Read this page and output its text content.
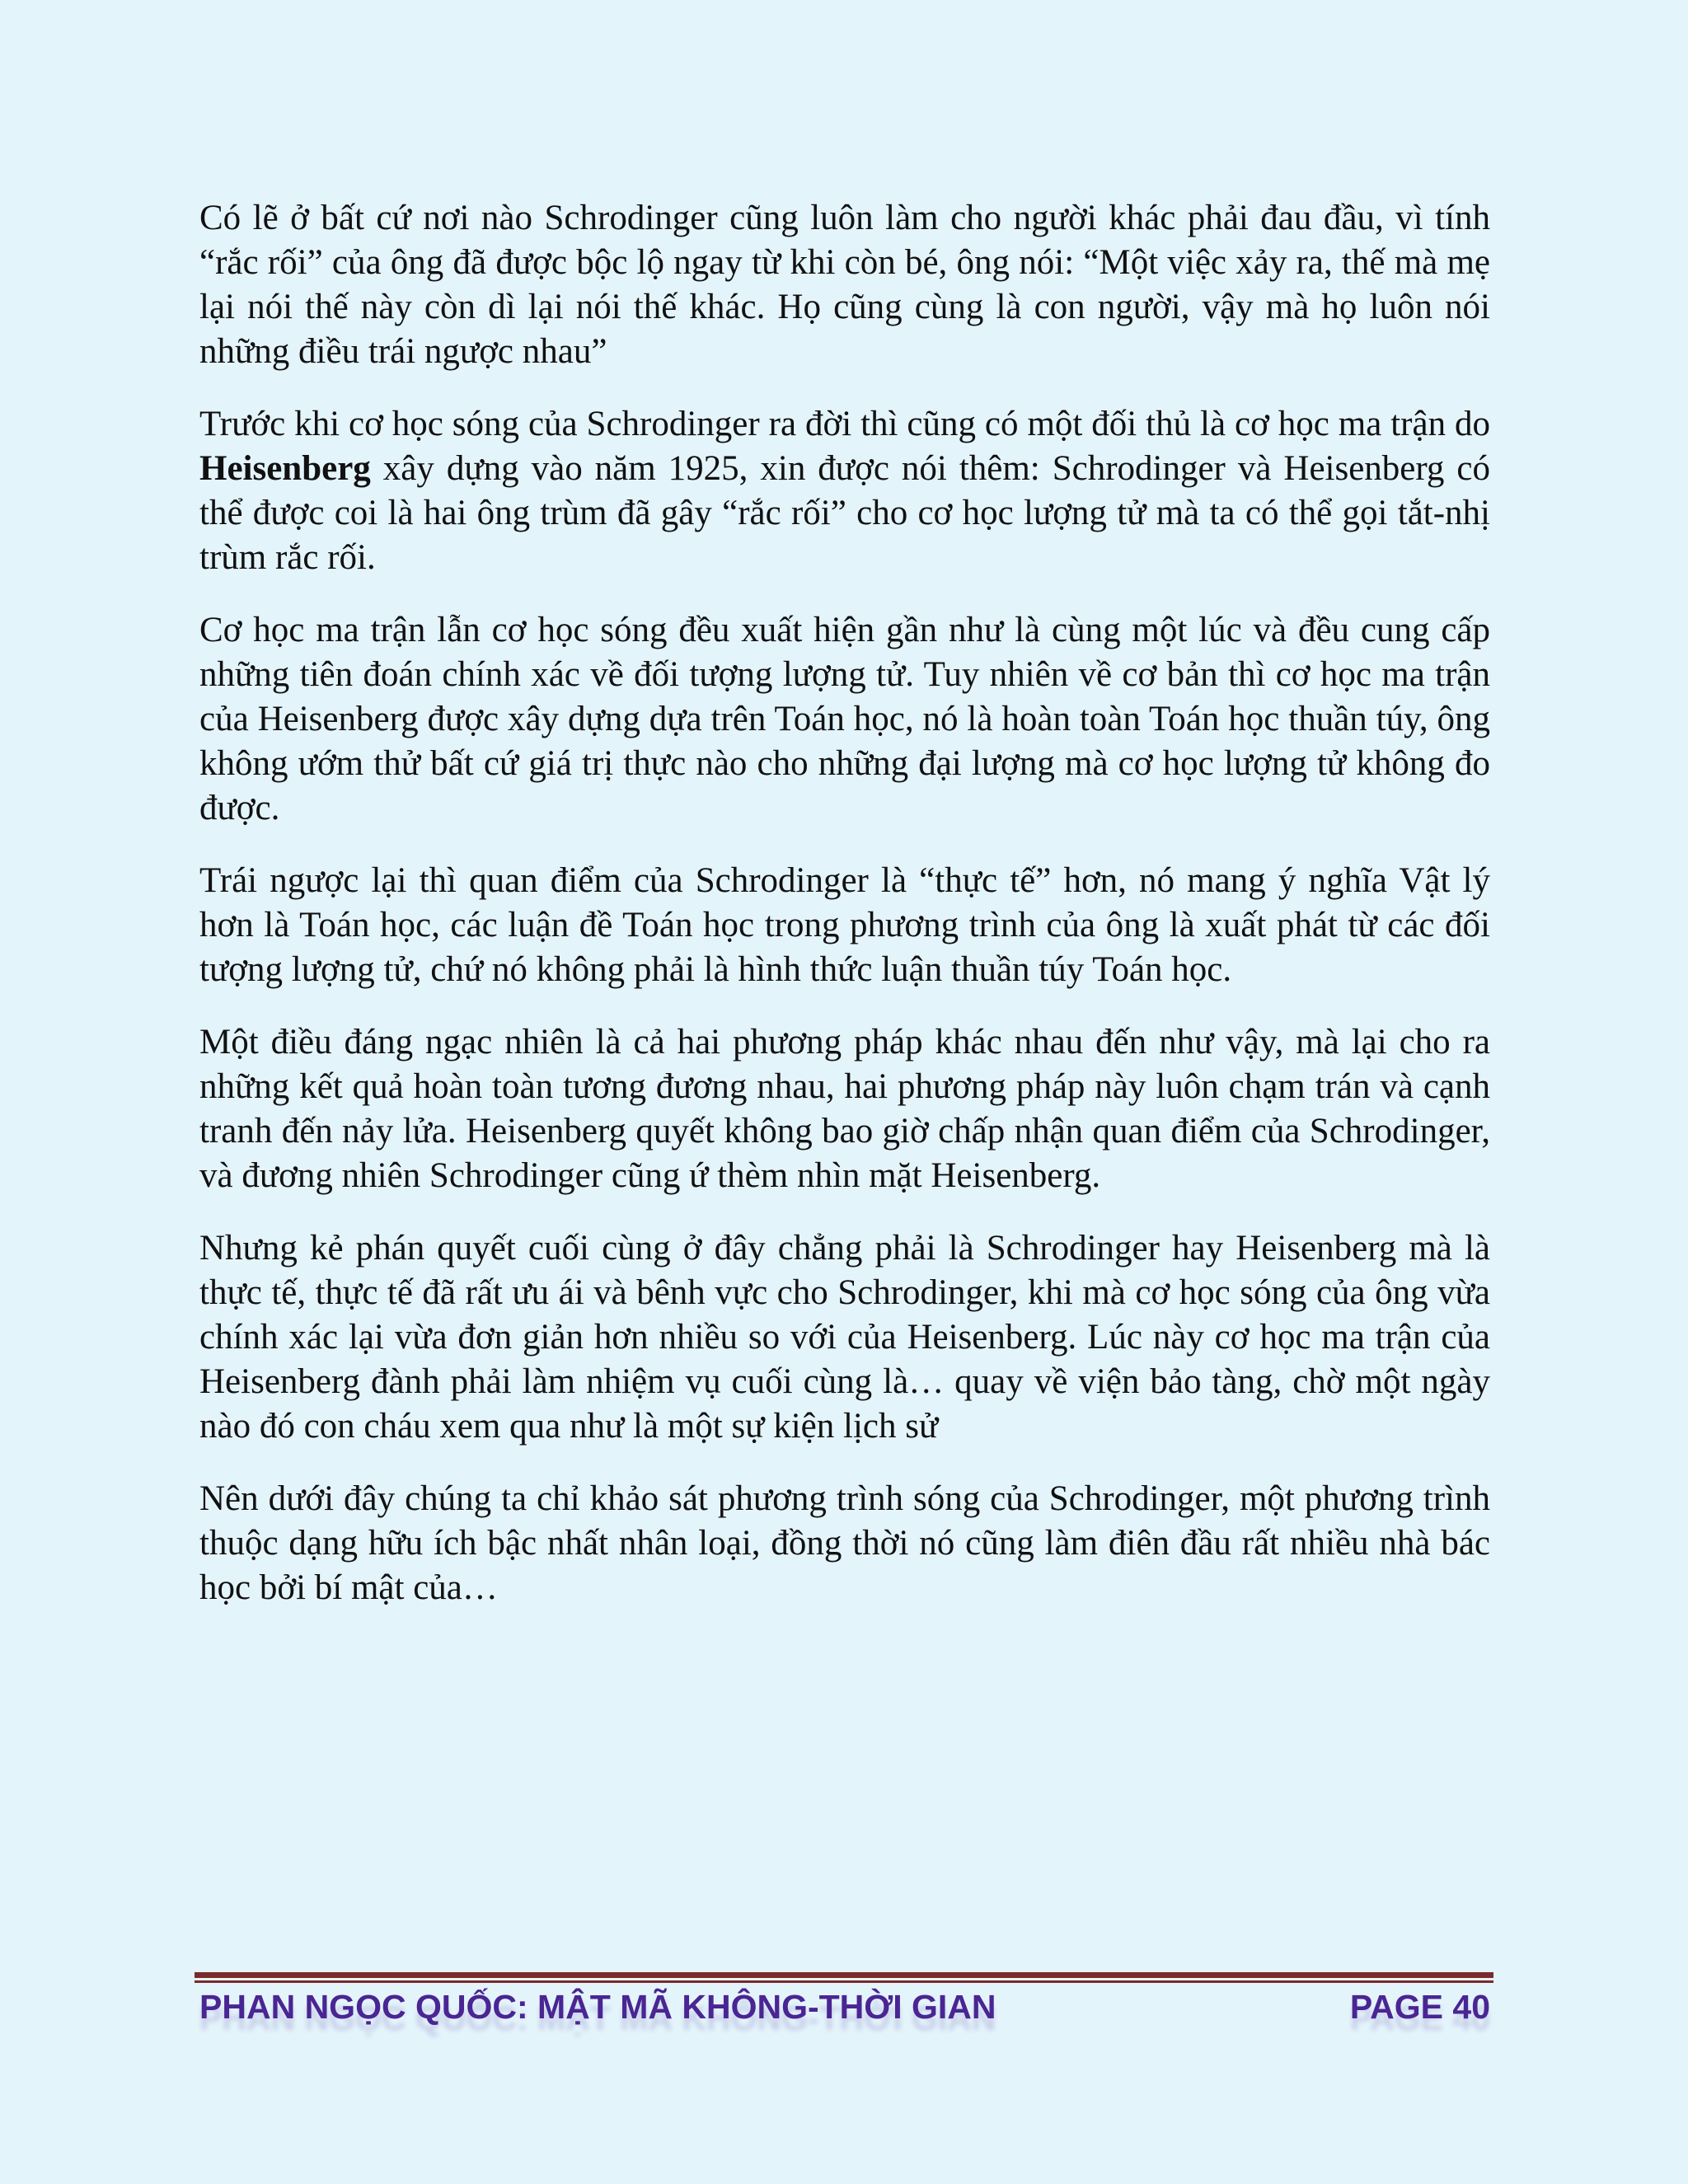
Có lẽ ở bất cứ nơi nào Schrodinger cũng luôn làm cho người khác phải đau đầu, vì tính “rắc rối” của ông đã được bộc lộ ngay từ khi còn bé, ông nói: “Một việc xảy ra, thế mà mẹ lại nói thế này còn dì lại nói thế khác. Họ cũng cùng là con người, vậy mà họ luôn nói những điều trái ngược nhau”

Trước khi cơ học sóng của Schrodinger ra đời thì cũng có một đối thủ là cơ học ma trận do Heisenberg xây dựng vào năm 1925, xin được nói thêm: Schrodinger và Heisenberg có thể được coi là hai ông trùm đã gây “rắc rối” cho cơ học lượng tử mà ta có thể gọi tắt-nhị trùm rắc rối.

Cơ học ma trận lẫn cơ học sóng đều xuất hiện gần như là cùng một lúc và đều cung cấp những tiên đoán chính xác về đối tượng lượng tử. Tuy nhiên về cơ bản thì cơ học ma trận của Heisenberg được xây dựng dựa trên Toán học, nó là hoàn toàn Toán học thuần túy, ông không ướm thử bất cứ giá trị thực nào cho những đại lượng mà cơ học lượng tử không đo được.

Trái ngược lại thì quan điểm của Schrodinger là “thực tế” hơn, nó mang ý nghĩa Vật lý hơn là Toán học, các luận đề Toán học trong phương trình của ông là xuất phát từ các đối tượng lượng tử, chứ nó không phải là hình thức luận thuần túy Toán học.

Một điều đáng ngạc nhiên là cả hai phương pháp khác nhau đến như vậy, mà lại cho ra những kết quả hoàn toàn tương đương nhau, hai phương pháp này luôn chạm trán và cạnh tranh đến nảy lửa. Heisenberg quyết không bao giờ chấp nhận quan điểm của Schrodinger, và đương nhiên Schrodinger cũng ứ thèm nhìn mặt Heisenberg.

Nhưng kẻ phán quyết cuối cùng ở đây chẳng phải là Schrodinger hay Heisenberg mà là thực tế, thực tế đã rất ưu ái và bênh vực cho Schrodinger, khi mà cơ học sóng của ông vừa chính xác lại vừa đơn giản hơn nhiều so với của Heisenberg. Lúc này cơ học ma trận của Heisenberg đành phải làm nhiệm vụ cuối cùng là… quay về viện bảo tàng, chờ một ngày nào đó con cháu xem qua như là một sự kiện lịch sử

Nên dưới đây chúng ta chỉ khảo sát phương trình sóng của Schrodinger, một phương trình thuộc dạng hữu ích bậc nhất nhân loại, đồng thời nó cũng làm điên đầu rất nhiều nhà bác học bởi bí mật của…

PHAN NGỌC QUỐC: MẬT MÃ KHÔNG-THỜI GIAN	PAGE 40
